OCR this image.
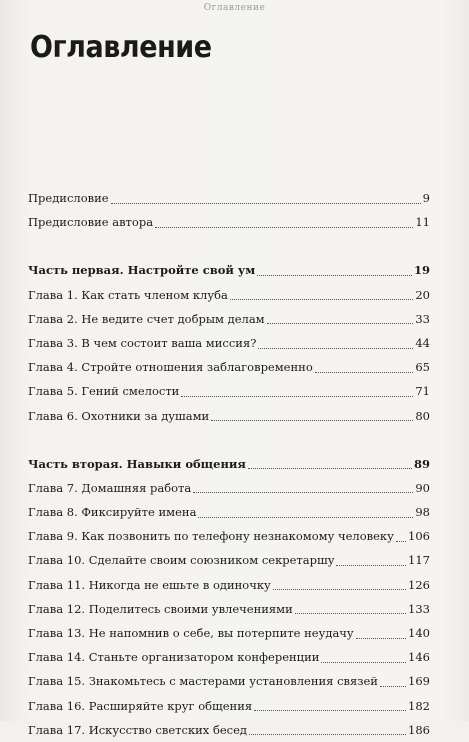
Оглавление
Оглавление
Предисловие	9
Предисловие автора	11
Часть первая. Настройте свой ум	19
Глава 1. Как стать членом клуба	20
Глава 2. Не ведите счет добрым делам	33
Глава 3. В чем состоит ваша миссия?	44
Глава 4. Стройте отношения заблаговременно	65
Глава 5. Гений смелости	71
Глава 6. Охотники за душами	80
Часть вторая. Навыки общения	89
Глава 7. Домашняя работа	90
Глава 8. Фиксируйте имена	98
Глава 9. Как позвонить по телефону незнакомому человеку 106
Глава 10. Сделайте своим союзником секретаршу	117
Глава 11. Никогда не ешьте в одиночку	126
Глава 12. Поделитесь своими увлечениями	133
Глава 13. Не напомнив о себе, вы потерпите неудачу	140
Глава 14. Станьте организатором конференции	146
Глава 15. Знакомьтесь с мастерами установления связей	169
Глава 16. Расширяйте круг общения	182
Глава 17. Искусство светских бесед	186
